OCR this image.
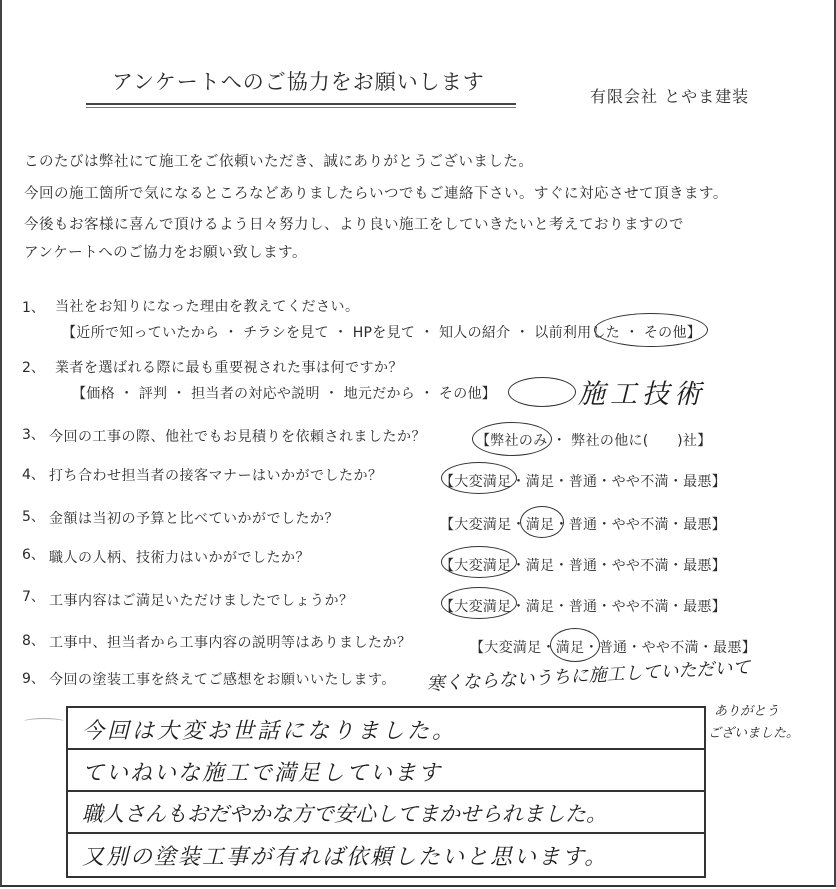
アンケートへのご協力をお願いします
有限会社 とやま建装
このたびは弊社にて施工をご依頼いただき、誠にありがとうございました。
今回の施工箇所で気になるところなどありましたらいつでもご連絡下さい。すぐに対応させて頂きます。
今後もお客様に喜んで頂けるよう日々努力し、より良い施工をしていきたいと考えておりますので
アンケートへのご協力をお願い致します。
1、 当社をお知りになった理由を教えてください。
【近所で知っていたから ・ チラシを見て ・ HPを見て ・ 知人の紹介 ・ 以前利用した ・ その他】
2、 業者を選ばれる際に最も重要視された事は何ですか？
【価格 ・ 評判 ・ 担当者の対応や説明 ・ 地元だから ・ その他】	施工技術
3、 今回の工事の際、他社でもお見積りを依頼されましたか？	【弊社のみ ・ 弊社の他に(　　)社】
4、 打ち合わせ担当者の接客マナーはいかがでしたか？	【大変満足・満足・普通・やや不満・最悪】
5、 金額は当初の予算と比べていかがでしたか？	【大変満足・満足・普通・やや不満・最悪】
6、 職人の人柄、技術力はいかがでしたか？	【大変満足・満足・普通・やや不満・最悪】
7、 工事内容はご満足いただけましたでしょうか？	【大変満足・満足・普通・やや不満・最悪】
8、 工事中、担当者から工事内容の説明等はありましたか？	【大変満足・満足・普通・やや不満・最悪】
9、 今回の塗装工事を終えてご感想をお願いいたします。 寒くならないうちに施工していただいて
ありがとう
ございました。
今回は大変お世話になりました。
ていねいな施工で満足しています
職人さんもおだやかな方で安心してまかせられました。
又別の塗装工事が有れば依頼したいと思います。
